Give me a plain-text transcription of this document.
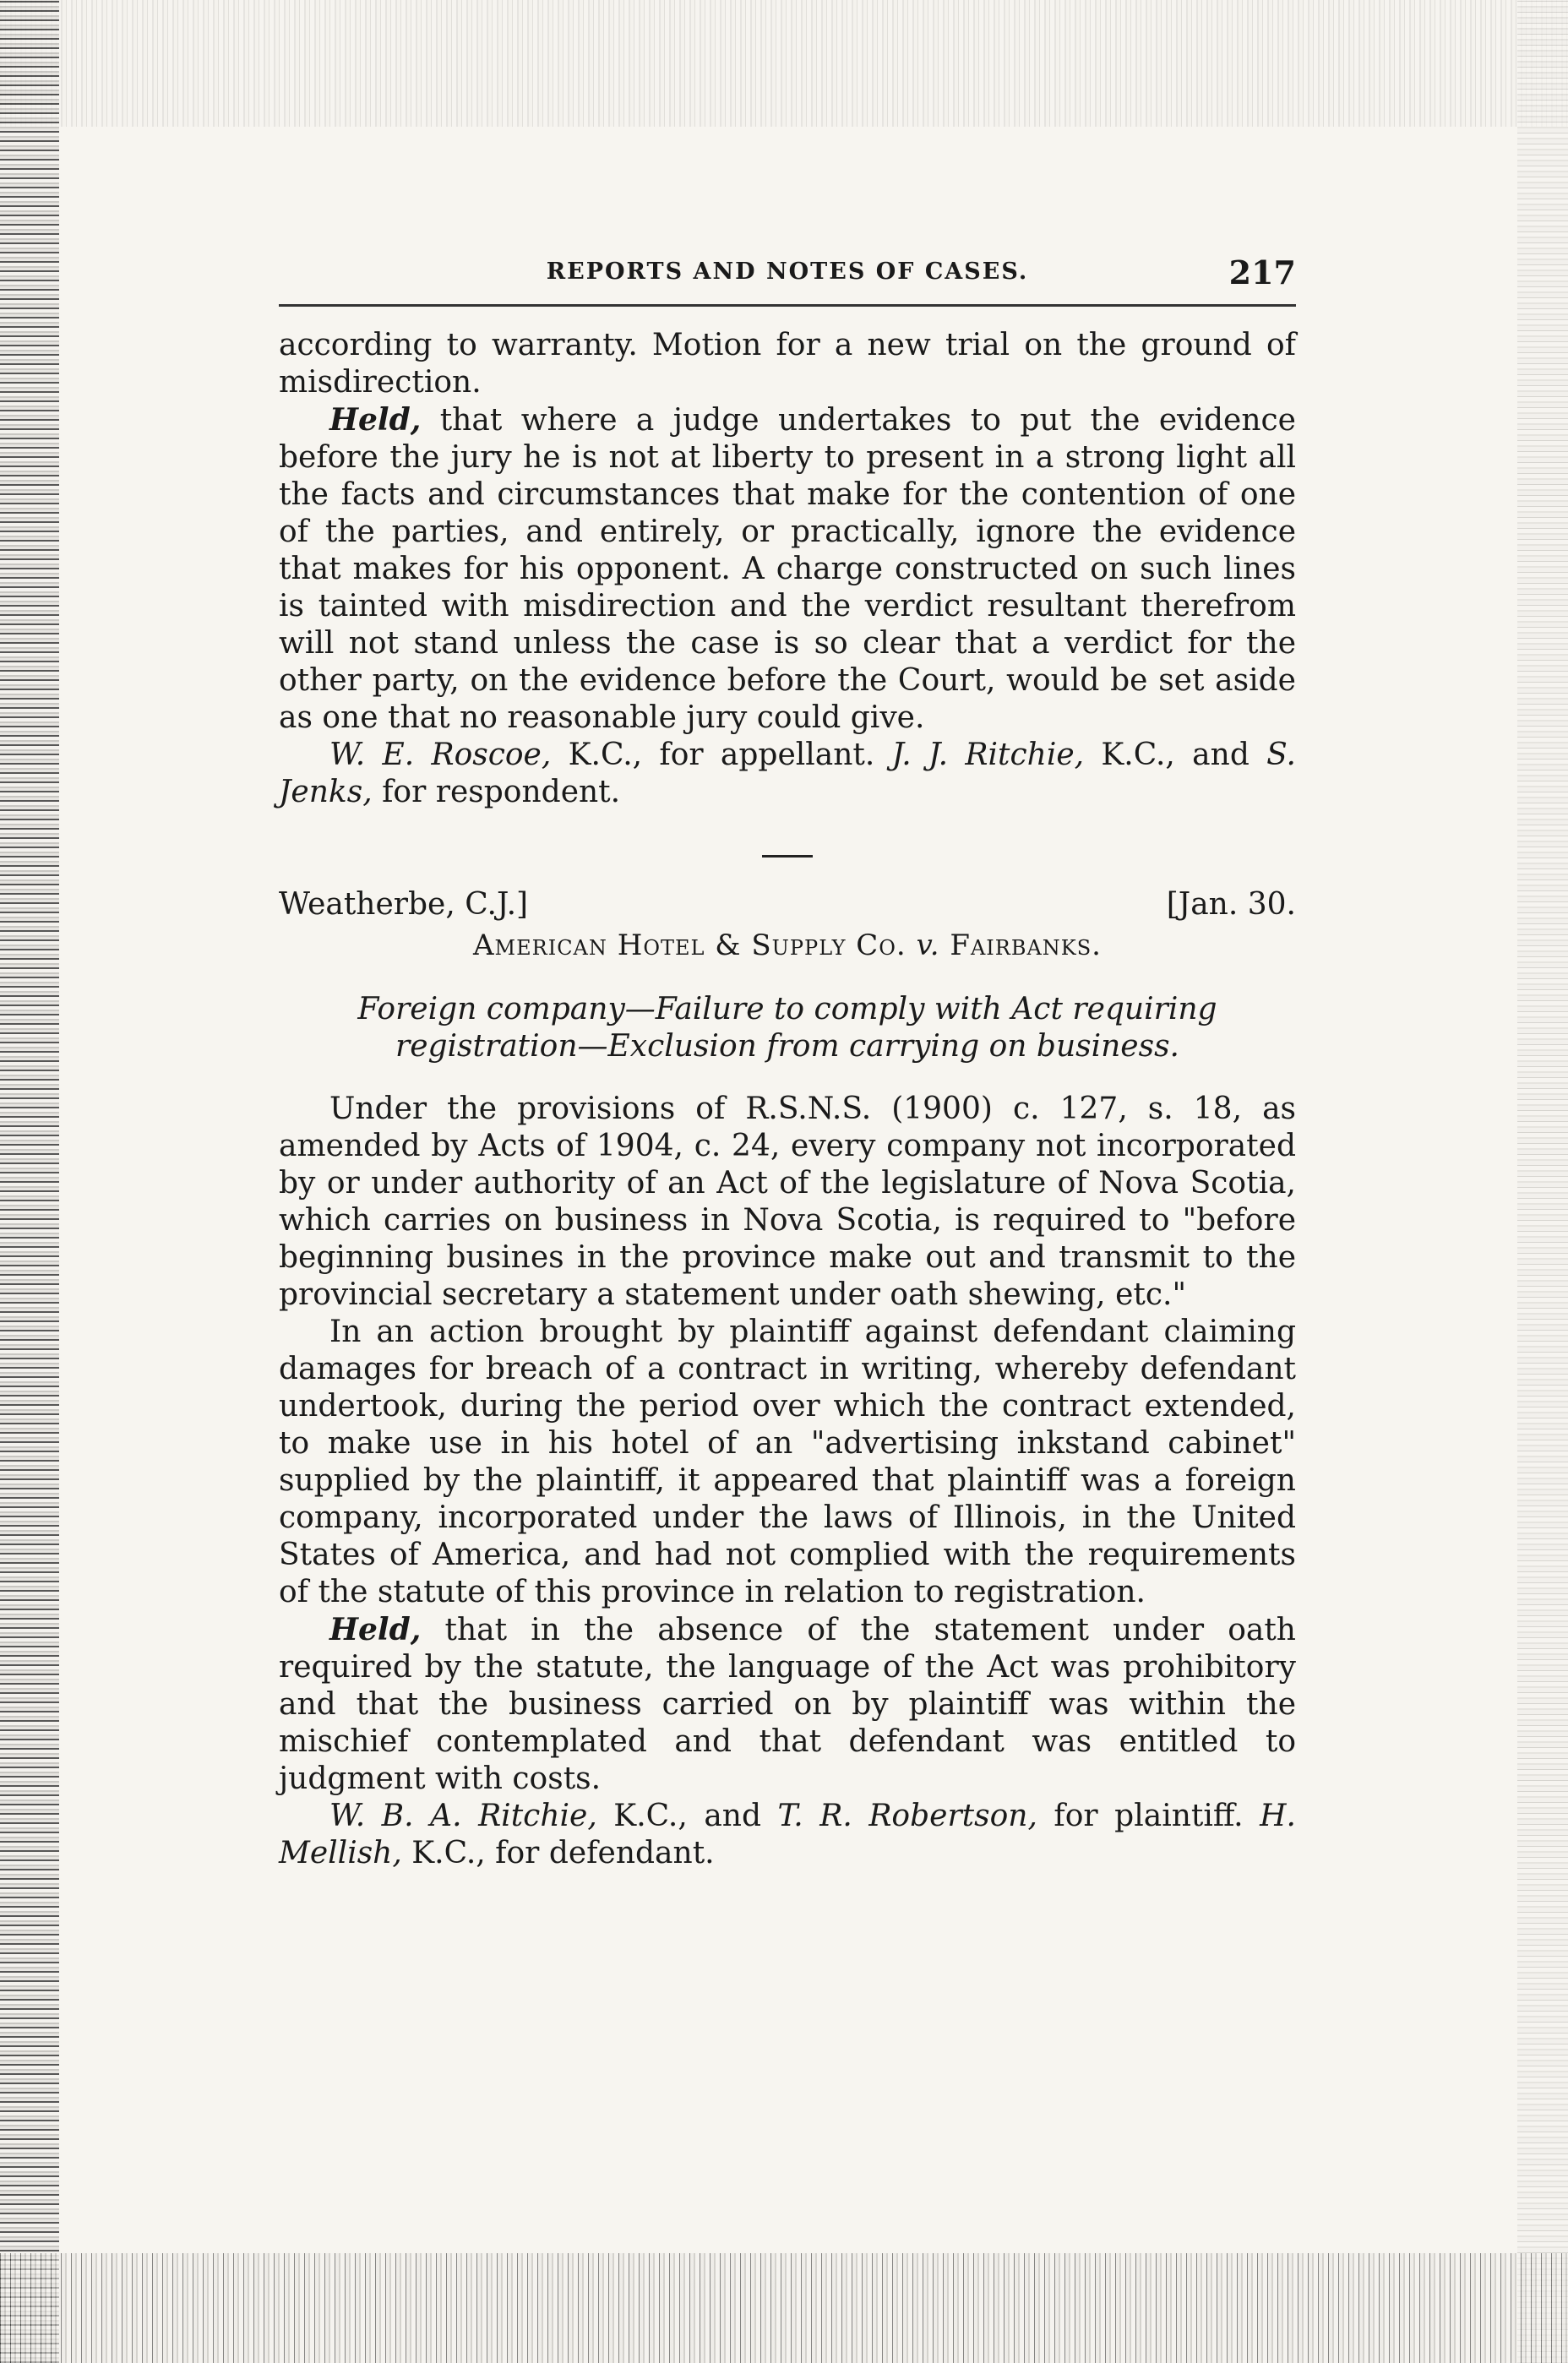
REPORTS AND NOTES OF CASES.	217

according to warranty. Motion for a new trial on the ground of misdirection.

Held, that where a judge undertakes to put the evidence before the jury he is not at liberty to present in a strong light all the facts and circumstances that make for the contention of one of the parties, and entirely, or practically, ignore the evidence that makes for his opponent. A charge constructed on such lines is tainted with misdirection and the verdict resultant therefrom will not stand unless the case is so clear that a verdict for the other party, on the evidence before the Court, would be set aside as one that no reasonable jury could give.

W. E. Roscoe, K.C., for appellant. J. J. Ritchie, K.C., and S. Jenks, for respondent.

Weatherbe, C.J.]	[Jan. 30.
American Hotel & Supply Co. v. Fairbanks.
Foreign company—Failure to comply with Act requiring registration—Exclusion from carrying on business.

Under the provisions of R.S.N.S. (1900) c. 127, s. 18, as amended by Acts of 1904, c. 24, every company not incorporated by or under authority of an Act of the legislature of Nova Scotia, which carries on business in Nova Scotia, is required to "before beginning busines in the province make out and transmit to the provincial secretary a statement under oath shewing, etc."

In an action brought by plaintiff against defendant claiming damages for breach of a contract in writing, whereby defendant undertook, during the period over which the contract extended, to make use in his hotel of an "advertising inkstand cabinet" supplied by the plaintiff, it appeared that plaintiff was a foreign company, incorporated under the laws of Illinois, in the United States of America, and had not complied with the requirements of the statute of this province in relation to registration.

Held, that in the absence of the statement under oath required by the statute, the language of the Act was prohibitory and that the business carried on by plaintiff was within the mischief contemplated and that defendant was entitled to judgment with costs.

W. B. A. Ritchie, K.C., and T. R. Robertson, for plaintiff. H. Mellish, K.C., for defendant.
